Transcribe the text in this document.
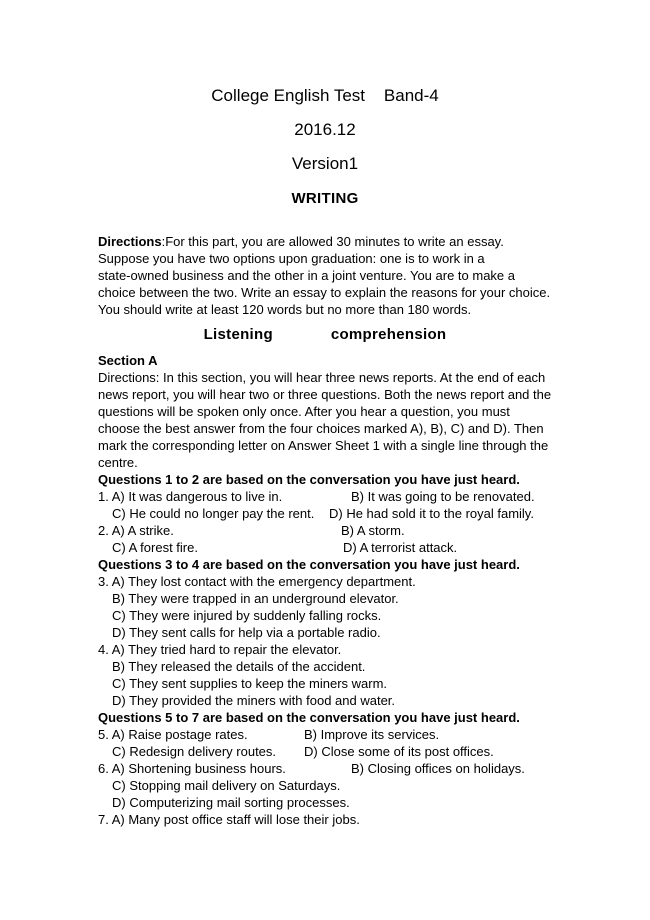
College English Test    Band-4
2016.12
Version1
WRITING
Directions:For this part, you are allowed 30 minutes to write an essay.
Suppose you have two options upon graduation: one is to work in a
state-owned business and the other in a joint venture. You are to make a
choice between the two. Write an essay to explain the reasons for your choice.
You should write at least 120 words but no more than 180 words.
Listening    comprehension
Section A
Directions: In this section, you will hear three news reports. At the end of each
news report, you will hear two or three questions. Both the news report and the
questions will be spoken only once. After you hear a question, you must
choose the best answer from the four choices marked A), B), C) and D). Then
mark the corresponding letter on Answer Sheet 1 with a single line through the
centre.
Questions 1 to 2 are based on the conversation you have just heard.
1. A) It was dangerous to live in.	B) It was going to be renovated.
C) He could no longer pay the rent. D) He had sold it to the royal family.
2. A) A strike.	B) A storm.
C) A forest fire.	D) A terrorist attack.
Questions 3 to 4 are based on the conversation you have just heard.
3. A) They lost contact with the emergency department.
B) They were trapped in an underground elevator.
C) They were injured by suddenly falling rocks.
D) They sent calls for help via a portable radio.
4. A) They tried hard to repair the elevator.
B) They released the details of the accident.
C) They sent supplies to keep the miners warm.
D) They provided the miners with food and water.
Questions 5 to 7 are based on the conversation you have just heard.
5. A) Raise postage rates.	B) Improve its services.
C) Redesign delivery routes. D) Close some of its post offices.
6. A) Shortening business hours.	B) Closing offices on holidays.
C) Stopping mail delivery on Saturdays.
D) Computerizing mail sorting processes.
7. A) Many post office staff will lose their jobs.
